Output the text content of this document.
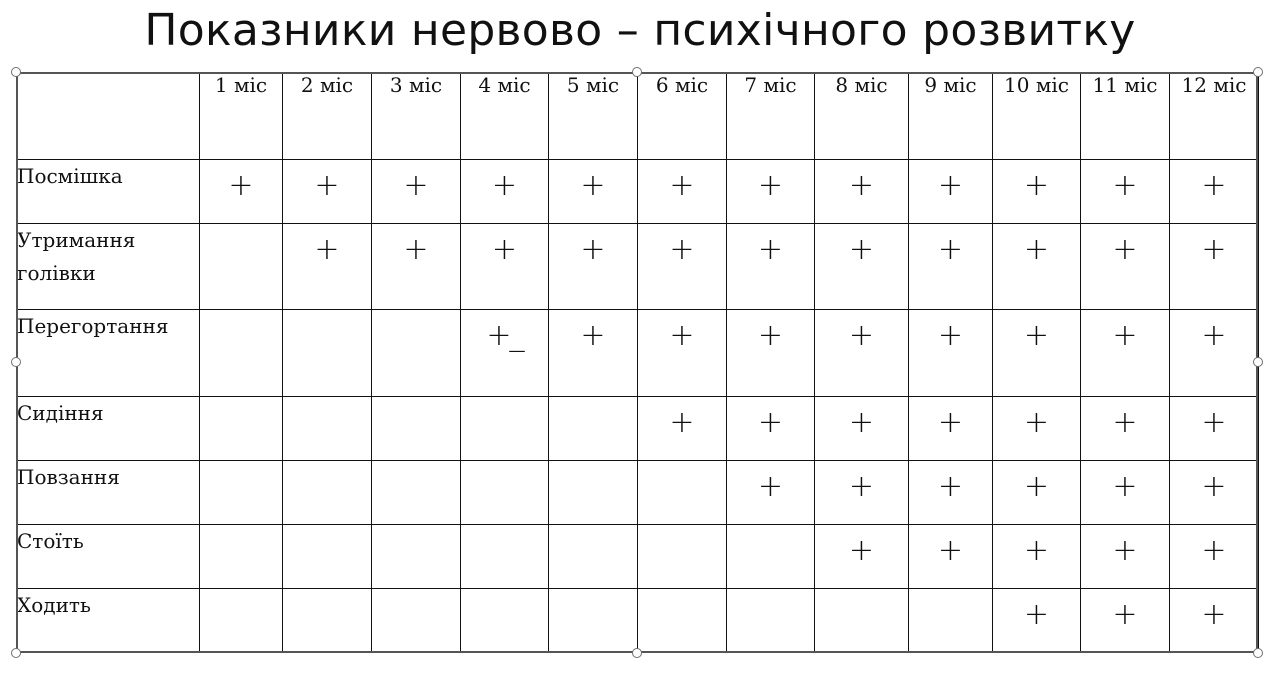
Показники нервово – психічного розвитку
	1 міс	2 міс	3 міс	4 міс	5 міс	6 міс	7 міс	8 міс	9 міс	10 міс	11 міс	12 міс
Посмішка	+	+	+	+	+	+	+	+	+	+	+	+

Утримання голівки		+	+	+	+	+	+	+	+	+	+	+

Перегортання				+_	+	+	+	+	+	+	+	+

Сидіння						+	+	+	+	+	+	+

Повзання							+	+	+	+	+	+

Стоїть								+	+	+	+	+

Ходить										+	+	+
